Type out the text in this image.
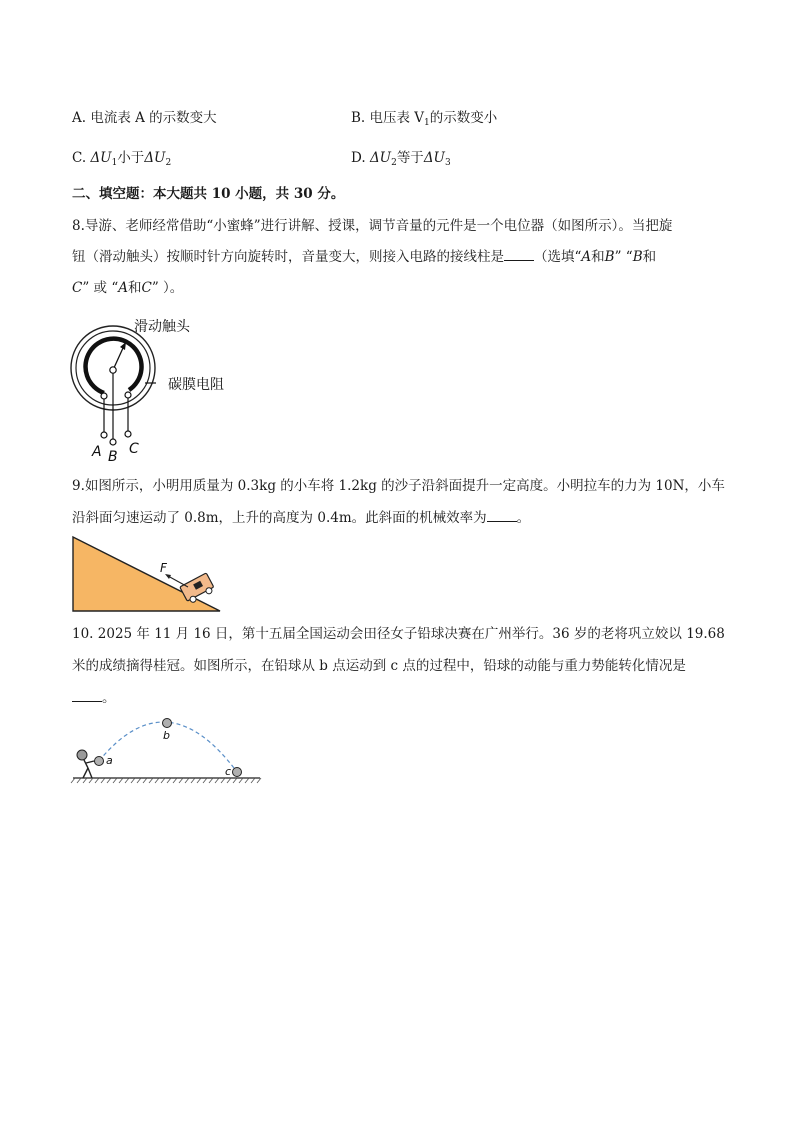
A. 电流表 A 的示数变大	B. 电压表 $V_1$的示数变小
C. $\Delta U_1$小于$\Delta U_2$	D. $\Delta U_2$等于$\Delta U_3$
二、填空题：本大题共 10 小题，共 30 分。
8.导游、老师经常借助“小蜜蜂”进行讲解、授课，调节音量的元件是一个电位器（如图所示）。当把旋
钮（滑动触头）按顺时针方向旋转时，音量变大，则接入电路的接线柱是 （选填“A和B” “B和
C” 或 “A和C” ）。
滑动触头
碳膜电阻
A B C
9.如图所示，小明用质量为 0.3kg 的小车将 1.2kg 的沙子沿斜面提升一定高度。小明拉车的力为 10N，小车
沿斜面匀速运动了 0.8m，上升的高度为 0.4m。此斜面的机械效率为 。
F
10. 2025 年 11 月 16 日，第十五届全国运动会田径女子铅球决赛在广州举行。36 岁的老将巩立姣以 19.68
米的成绩摘得桂冠。如图所示，在铅球从 b 点运动到 c 点的过程中，铅球的动能与重力势能转化情况是
。
a
b
c
